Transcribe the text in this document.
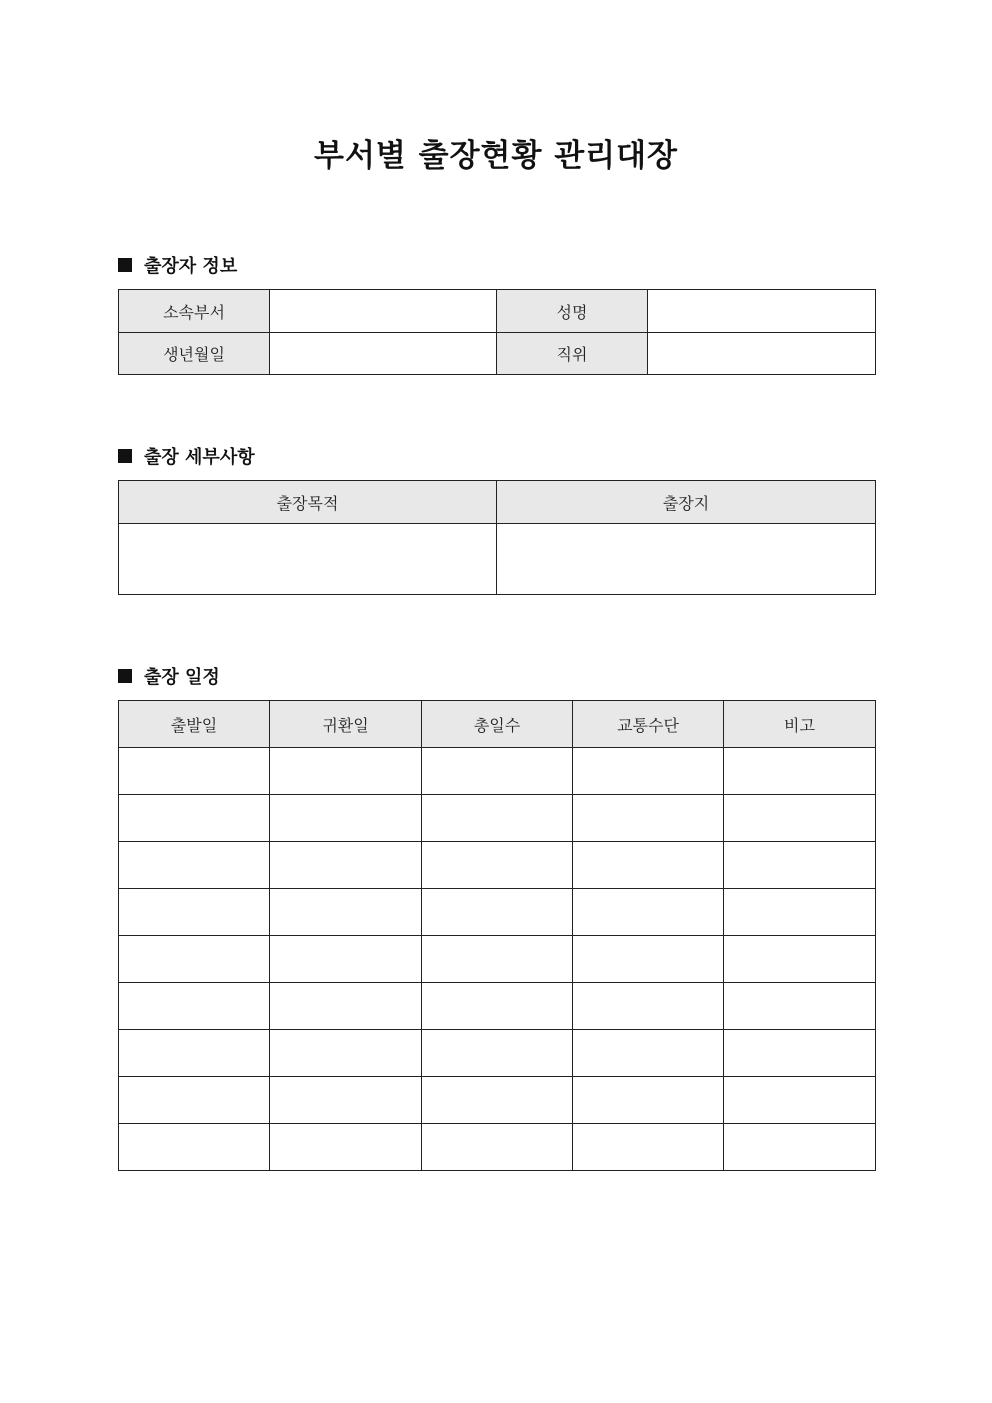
부서별 출장현황 관리대장
출장자 정보
소속부서		성명	
생년월일		직위	
출장 세부사항
출장목적	출장지

출장 일정
출발일	귀환일	총일수	교통수단	비고
